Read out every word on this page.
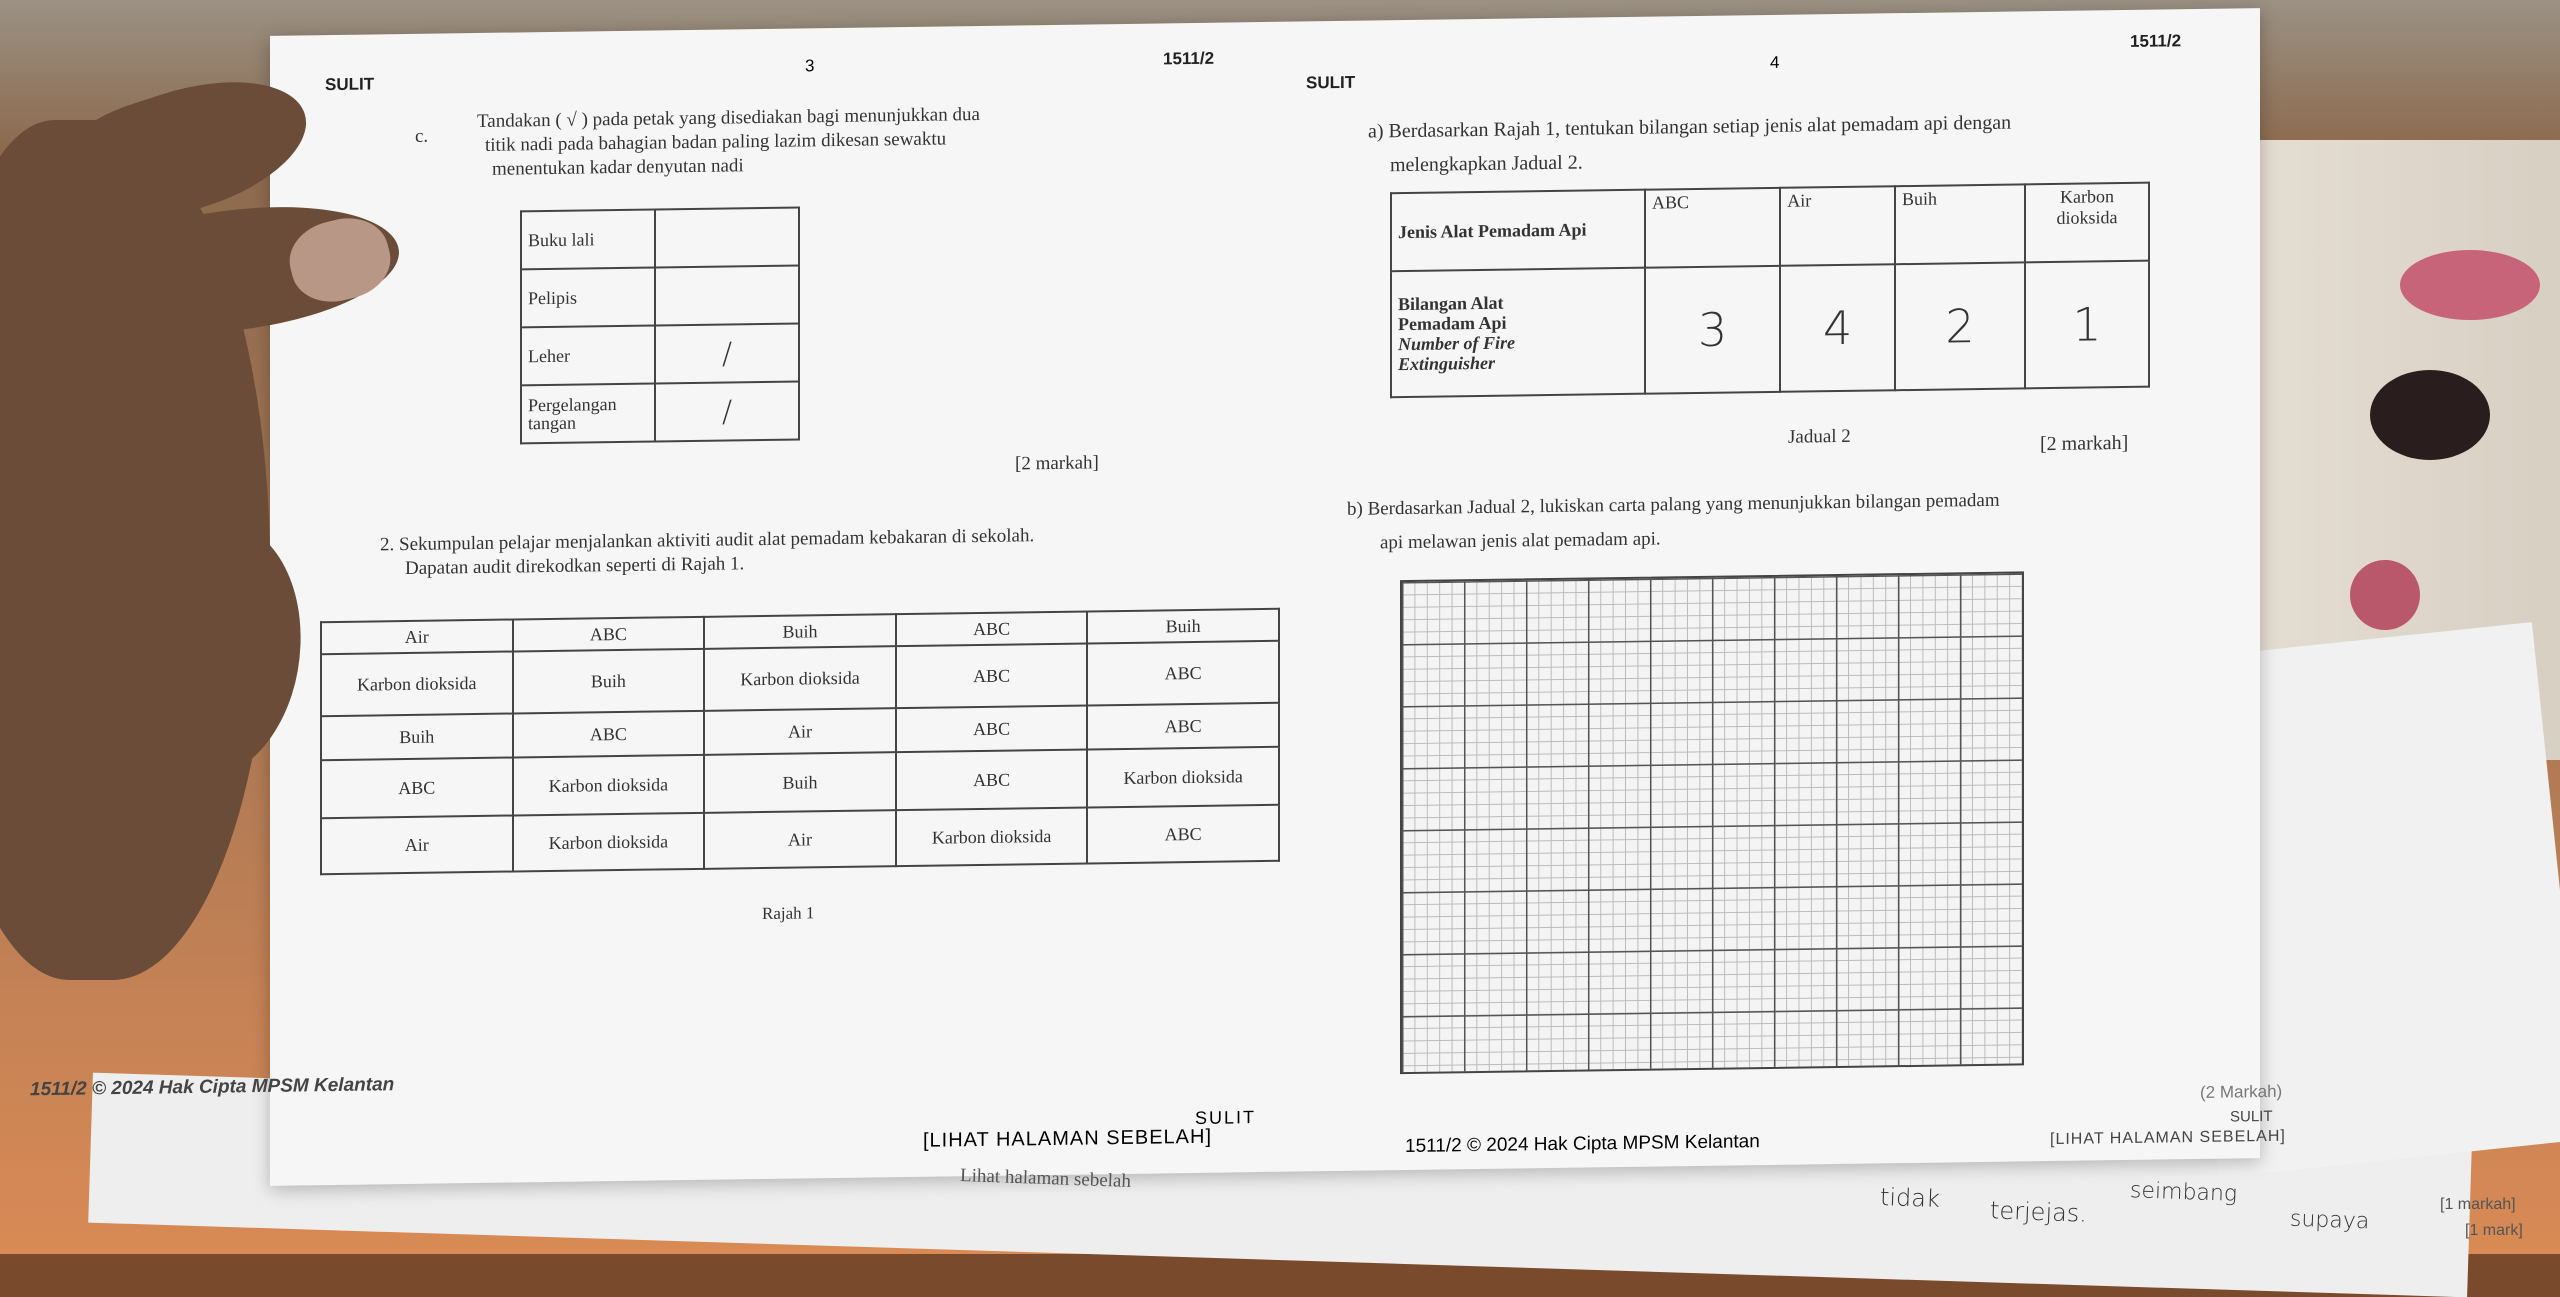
SULIT
3	1511/2
c.
Tandakan ( √ ) pada petak yang disediakan bagi menunjukkan dua
titik nadi pada bahagian badan paling lazim dikesan sewaktu
menentukan kadar denyutan nadi
Buku lali	
Pelipis	
Leher	/
Pergelangan tangan	/
[2 markah]
2. Sekumpulan pelajar menjalankan aktiviti audit alat pemadam kebakaran di sekolah.
Dapatan audit direkodkan seperti di Rajah 1.
Air	ABC	Buih	ABC	Buih
Karbon dioksida	Buih	Karbon dioksida	ABC	ABC
Buih	ABC	Air	ABC	ABC
ABC	Karbon dioksida	Buih	ABC	Karbon dioksida
Air	Karbon dioksida	Air	Karbon dioksida	ABC
Rajah 1
1511/2 © 2024 Hak Cipta MPSM Kelantan
SULIT
[LIHAT HALAMAN SEBELAH]
4
1511/2
SULIT
a) Berdasarkan Rajah 1, tentukan bilangan setiap jenis alat pemadam api dengan
melengkapkan Jadual 2.
Jenis Alat Pemadam Api	ABC	Air	Buih	Karbon dioksida

Bilangan Alat
Pemadam Api
Number of Fire
Extinguisher	3	4	2	1
Jadual 2	[2 markah]
b) Berdasarkan Jadual 2, lukiskan carta palang yang menunjukkan bilangan pemadam
api melawan jenis alat pemadam api.
(2 Markah)
1511/2 © 2024 Hak Cipta MPSM Kelantan	[LIHAT HALAMAN SEBELAH]
SULIT
Lihat halaman sebelah
tidak terjejas.
seimbang
supaya
[1 markah]
[1 mark]
